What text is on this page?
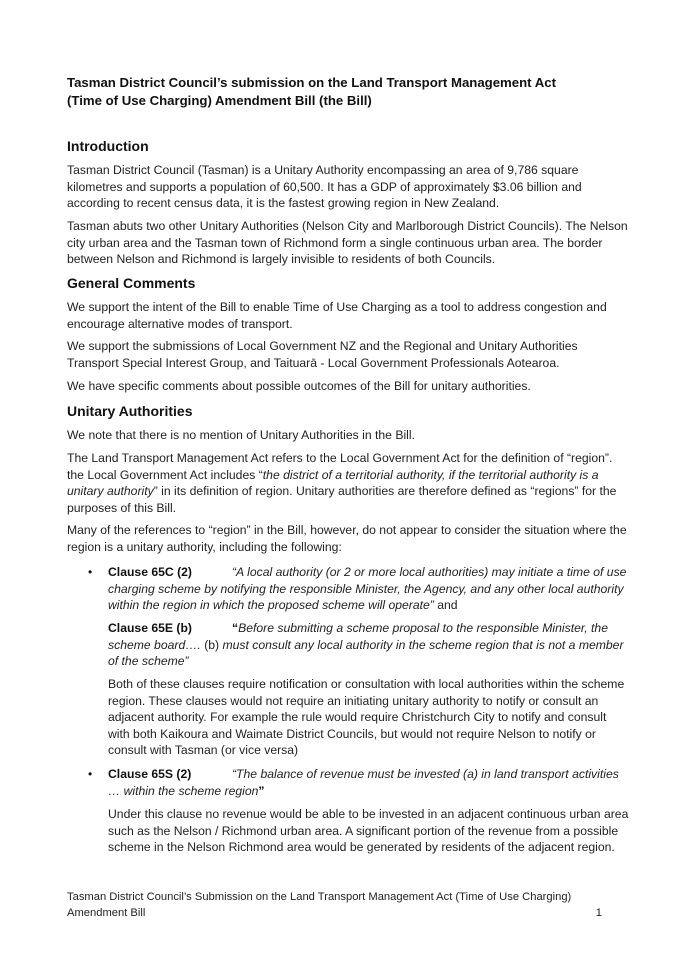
Tasman District Council’s submission on the Land Transport Management Act
(Time of Use Charging) Amendment Bill (the Bill)
Introduction
Tasman District Council (Tasman) is a Unitary Authority encompassing an area of 9,786 square kilometres and supports a population of 60,500. It has a GDP of approximately $3.06 billion and according to recent census data, it is the fastest growing region in New Zealand.
Tasman abuts two other Unitary Authorities (Nelson City and Marlborough District Councils). The Nelson city urban area and the Tasman town of Richmond form a single continuous urban area. The border between Nelson and Richmond is largely invisible to residents of both Councils.
General Comments
We support the intent of the Bill to enable Time of Use Charging as a tool to address congestion and encourage alternative modes of transport.
We support the submissions of Local Government NZ and the Regional and Unitary Authorities Transport Special Interest Group, and Taituarā - Local Government Professionals Aotearoa.
We have specific comments about possible outcomes of the Bill for unitary authorities.
Unitary Authorities
We note that there is no mention of Unitary Authorities in the Bill.
The Land Transport Management Act refers to the Local Government Act for the definition of “region”. the Local Government Act includes “the district of a territorial authority, if the territorial authority is a unitary authority” in its definition of region. Unitary authorities are therefore defined as “regions” for the purposes of this Bill.
Many of the references to “region” in the Bill, however, do not appear to consider the situation where the region is a unitary authority, including the following:
• Clause 65C (2)	“A local authority (or 2 or more local authorities) may initiate a time of use charging scheme by notifying the responsible Minister, the Agency, and any other local authority within the region in which the proposed scheme will operate” and
Clause 65E (b)	“Before submitting a scheme proposal to the responsible Minister, the scheme board…. (b) must consult any local authority in the scheme region that is not a member of the scheme”
Both of these clauses require notification or consultation with local authorities within the scheme region. These clauses would not require an initiating unitary authority to notify or consult an adjacent authority. For example the rule would require Christchurch City to notify and consult with both Kaikoura and Waimate District Councils, but would not require Nelson to notify or consult with Tasman (or vice versa)
• Clause 65S (2)	“The balance of revenue must be invested (a) in land transport activities … within the scheme region”
Under this clause no revenue would be able to be invested in an adjacent continuous urban area such as the Nelson / Richmond urban area. A significant portion of the revenue from a possible scheme in the Nelson Richmond area would be generated by residents of the adjacent region.
Tasman District Council’s Submission on the Land Transport Management Act (Time of Use Charging)
Amendment Bill	1
